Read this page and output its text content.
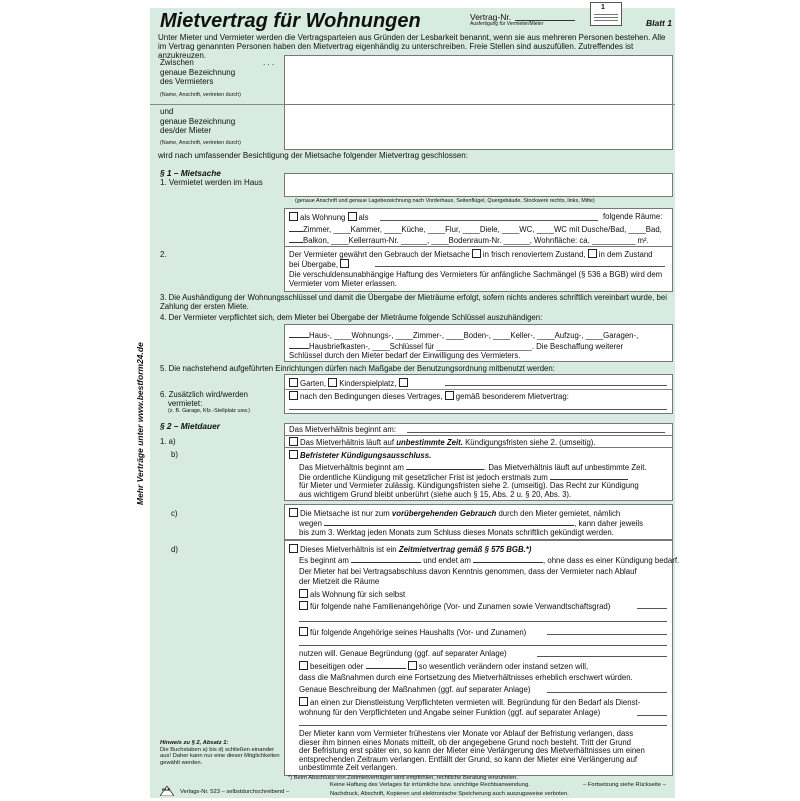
Mehr Verträge unter www.bestform24.de
Mietvertrag für Wohnungen	Vertrag-Nr.
Ausfertigung für Vermieter/Mieter
1
Blatt 1
Unter Mieter und Vermieter werden die Vertragsparteien aus Gründen der Lesbarkeit benannt, wenn sie aus mehreren Personen bestehen. Alle im Vertrag genannten Personen haben den Mietvertrag eigenhändig zu unterschreiben. Freie Stellen sind auszufüllen. Zutreffendes ist anzukreuzen.
Zwischen	. . .
genaue Bezeichnung
des Vermieters
(Name, Anschrift, vertreten durch)
und
genaue Bezeichnung
des/der Mieter
(Name, Anschrift, vertreten durch)
wird nach umfassender Besichtigung der Mietsache folgender Mietvertrag geschlossen:
§ 1 – Mietsache
1. Vermietet werden im Haus
(genaue Anschrift und genaue Lagebezeichnung nach Vorderhaus, Seitenflügel, Quergebäude, Stockwerk rechts, links, Mitte)
als Wohnung als	folgende Räume:
Zimmer, ____Kammer, ____Küche, ____Flur, ____Diele, ____WC, ____WC mit Dusche/Bad, ____Bad,
Balkon, ____Kellerraum-Nr. ______, ____Bodenraum-Nr. ______, Wohnfläche: ca. __________ m².
2.	Der Vermieter gewährt den Gebrauch der Mietsache in frisch renoviertem Zustand, in dem Zustand
bei Übergabe,
Die verschuldensunabhängige Haftung des Vermieters für anfängliche Sachmängel (§ 536 a BGB) wird dem Vermieter vom Mieter erlassen.
3. Die Aushändigung der Wohnungsschlüssel und damit die Übergabe der Mieträume erfolgt, sofern nichts anderes schriftlich vereinbart wurde, bei Zahlung der ersten Miete.
4. Der Vermieter verpflichtet sich, dem Mieter bei Übergabe der Mieträume folgende Schlüssel auszuhändigen:
Haus-, ____Wohnungs-, ____Zimmer-, ____Boden-, ____Keller-, ____Aufzug-, ____Garagen-,
Hausbriefkasten-, ____Schlüssel für ______________________. Die Beschaffung weiterer
Schlüssel durch den Mieter bedarf der Einwilligung des Vermieters.
5. Die nachstehend aufgeführten Einrichtungen dürfen nach Maßgabe der Benutzungsordnung mitbenutzt werden:
Garten, Kinderspielplatz,
nach den Bedingungen dieses Vertrages, gemäß besonderem Mietvertrag:
6. Zusätzlich wird/werden
vermietet:
(z. B. Garage, Kfz.-Stellplatz usw.)
§ 2 – Mietdauer	Das Mietverhältnis beginnt am:
1. a)	Das Mietverhältnis läuft auf unbestimmte Zeit. Kündigungsfristen siehe 2. (umseitig).
b)	Befristeter Kündigungsausschluss.
Das Mietverhältnis beginnt am	. Das Mietverhältnis läuft auf unbestimmte Zeit.
Die ordentliche Kündigung mit gesetzlicher Frist ist jedoch erstmals zum
für Mieter und Vermieter zulässig. Kündigungsfristen siehe 2. (umseitig). Das Recht zur Kündigung
aus wichtigem Grund bleibt unberührt (siehe auch § 15, Abs. 2 u. § 20, Abs. 3).
c)	Die Mietsache ist nur zum vorübergehenden Gebrauch durch den Mieter gemietet, nämlich
wegen	, kann daher jeweils
bis zum 3. Werktag jeden Monats zum Schluss dieses Monats schriftlich gekündigt werden.
d)	Dieses Mietverhältnis ist ein Zeitmietvertrag gemäß § 575 BGB.*)
Es beginnt am	und endet am	, ohne dass es einer Kündigung bedarf.
Der Mieter hat bei Vertragsabschluss davon Kenntnis genommen, dass der Vermieter nach Ablauf
der Mietzeit die Räume
als Wohnung für sich selbst
für folgende nahe Familienangehörige (Vor- und Zunamen sowie Verwandtschaftsgrad)
für folgende Angehörige seines Haushalts (Vor- und Zunamen)
nutzen will. Genaue Begründung (ggf. auf separater Anlage)
beseitigen oder	so wesentlich verändern oder instand setzen will,
dass die Maßnahmen durch eine Fortsetzung des Mietverhältnisses erheblich erschwert würden.
Genaue Beschreibung der Maßnahmen (ggf. auf separater Anlage)
an einen zur Dienstleistung Verpflichteten vermieten will. Begründung für den Bedarf als Dienst-
wohnung für den Verpflichteten und Angabe seiner Funktion (ggf. auf separater Anlage)
Der Mieter kann vom Vermieter frühestens vier Monate vor Ablauf der Befristung verlangen, dass
dieser ihm binnen eines Monats mitteilt, ob der angegebene Grund noch besteht. Tritt der Grund
der Befristung erst später ein, so kann der Mieter eine Verlängerung des Mietverhältnisses um einen
entsprechenden Zeitraum verlangen. Entfällt der Grund, so kann der Mieter eine Verlängerung auf
unbestimmte Zeit verlangen.
Hinweis zu § 2, Absatz 1:
Die Buchstaben a) bis d) schließen einander aus! Daher kann nur eine dieser Möglichkeiten gewählt werden.
*) Beim Abschluss von Zeitmietverträgen wird empfohlen, rechtliche Beratung einzuholen.
RNK Verlags-Nr. 523 – selbstdurchschreibend –
Keine Haftung des Verlages für irrtümliche bzw. unrichtige Rechtsanwendung.	– Fortsetzung siehe Rückseite –
Nachdruck, Abschrift, Kopieren und elektronische Speicherung auch auszugsweise verboten.
